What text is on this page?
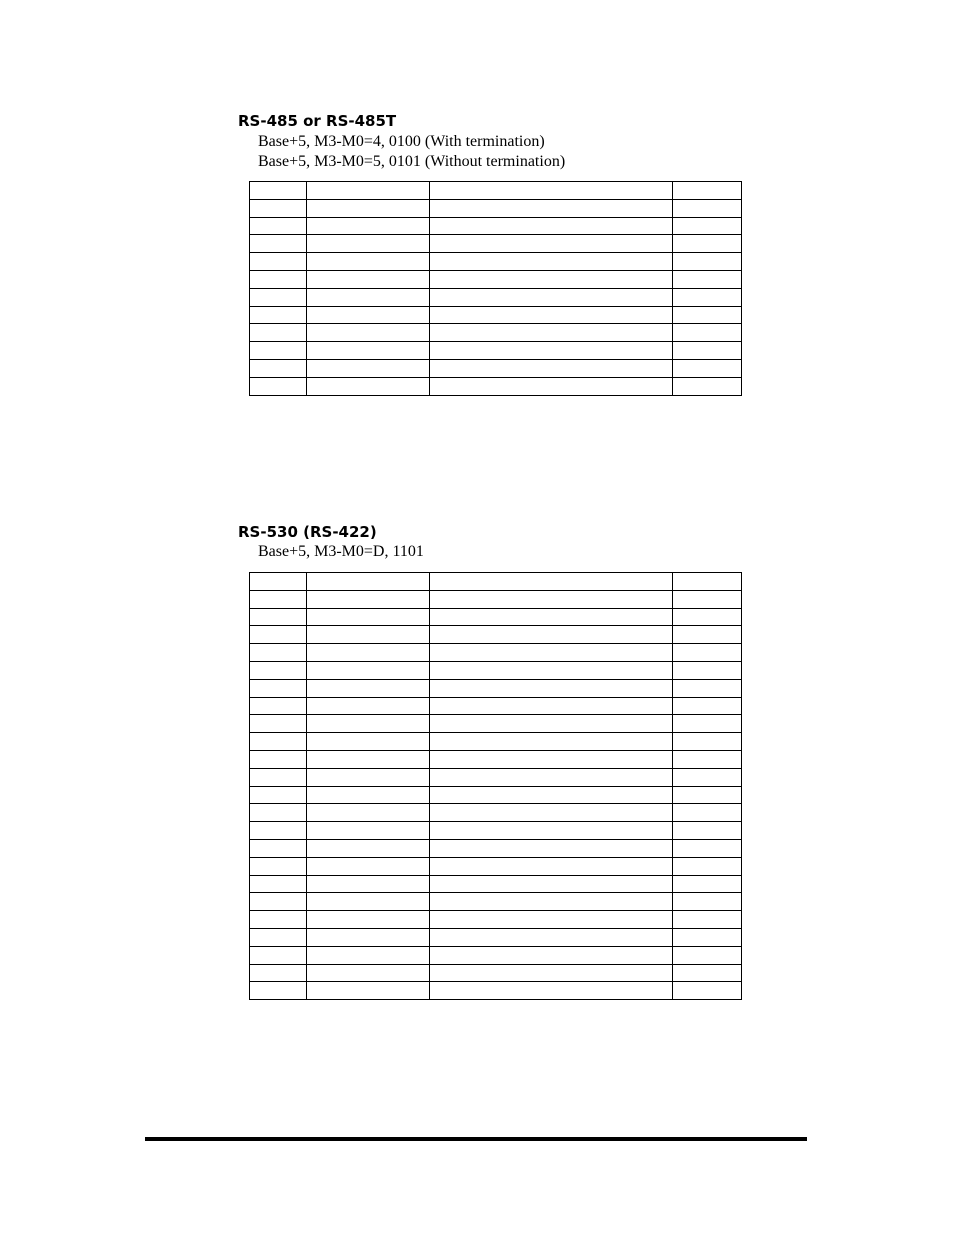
RS-485 or RS-485T
Base+5, M3-M0=4, 0100 (With termination)
Base+5, M3-M0=5, 0101 (Without termination)

RS-530 (RS-422)
Base+5, M3-M0=D, 1101
